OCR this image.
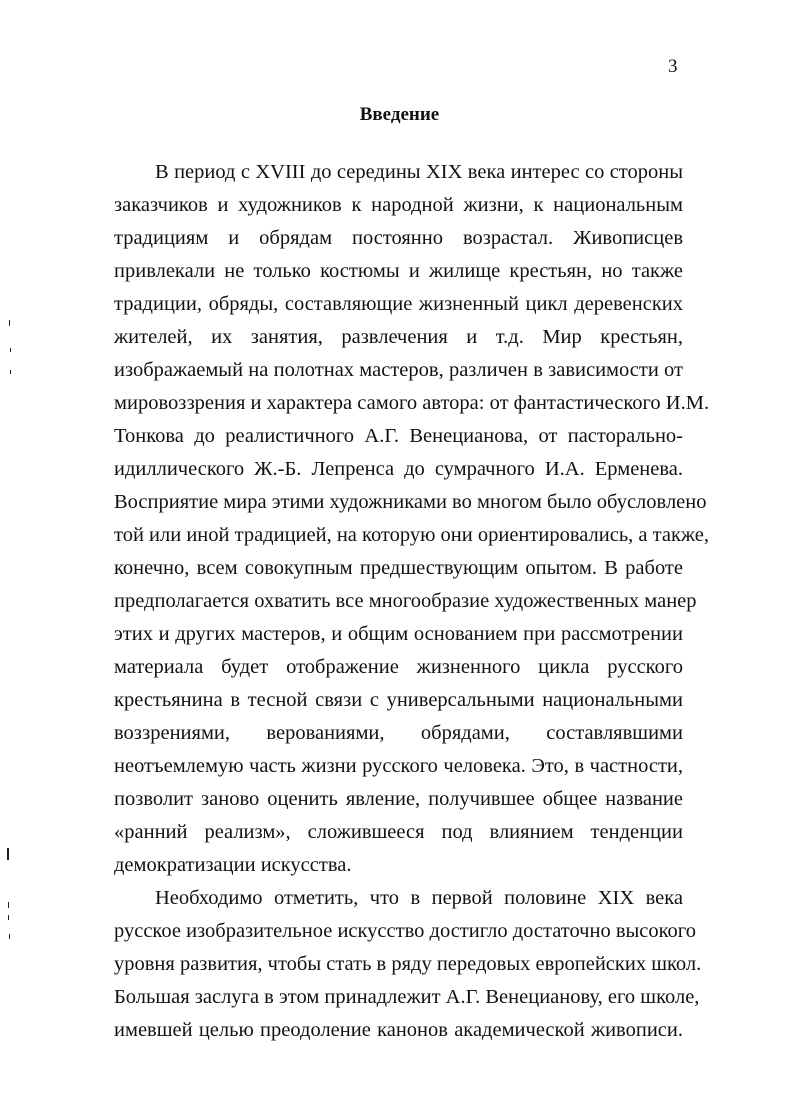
3
Введение
В период с XVIII до середины XIX века интерес со стороны
заказчиков и художников к народной жизни, к национальным
традициям и обрядам постоянно возрастал. Живописцев
привлекали не только костюмы и жилище крестьян, но также
традиции, обряды, составляющие жизненный цикл деревенских
жителей, их занятия, развлечения и т.д. Мир крестьян,
изображаемый на полотнах мастеров, различен в зависимости от
мировоззрения и характера самого автора: от фантастического И.М.
Тонкова до реалистичного А.Г. Венецианова, от пасторально-
идиллического Ж.-Б. Лепренса до сумрачного И.А. Ерменева.
Восприятие мира этими художниками во многом было обусловлено
той или иной традицией, на которую они ориентировались, а также,
конечно, всем совокупным предшествующим опытом. В работе
предполагается охватить все многообразие художественных манер
этих и других мастеров, и общим основанием при рассмотрении
материала будет отображение жизненного цикла русского
крестьянина в тесной связи с универсальными национальными
воззрениями, верованиями, обрядами, составлявшими
неотъемлемую часть жизни русского человека. Это, в частности,
позволит заново оценить явление, получившее общее название
«ранний реализм», сложившееся под влиянием тенденции
демократизации искусства.
Необходимо отметить, что в первой половине XIX века
русское изобразительное искусство достигло достаточно высокого
уровня развития, чтобы стать в ряду передовых европейских школ.
Большая заслуга в этом принадлежит А.Г. Венецианову, его школе,
имевшей целью преодоление канонов академической живописи.
